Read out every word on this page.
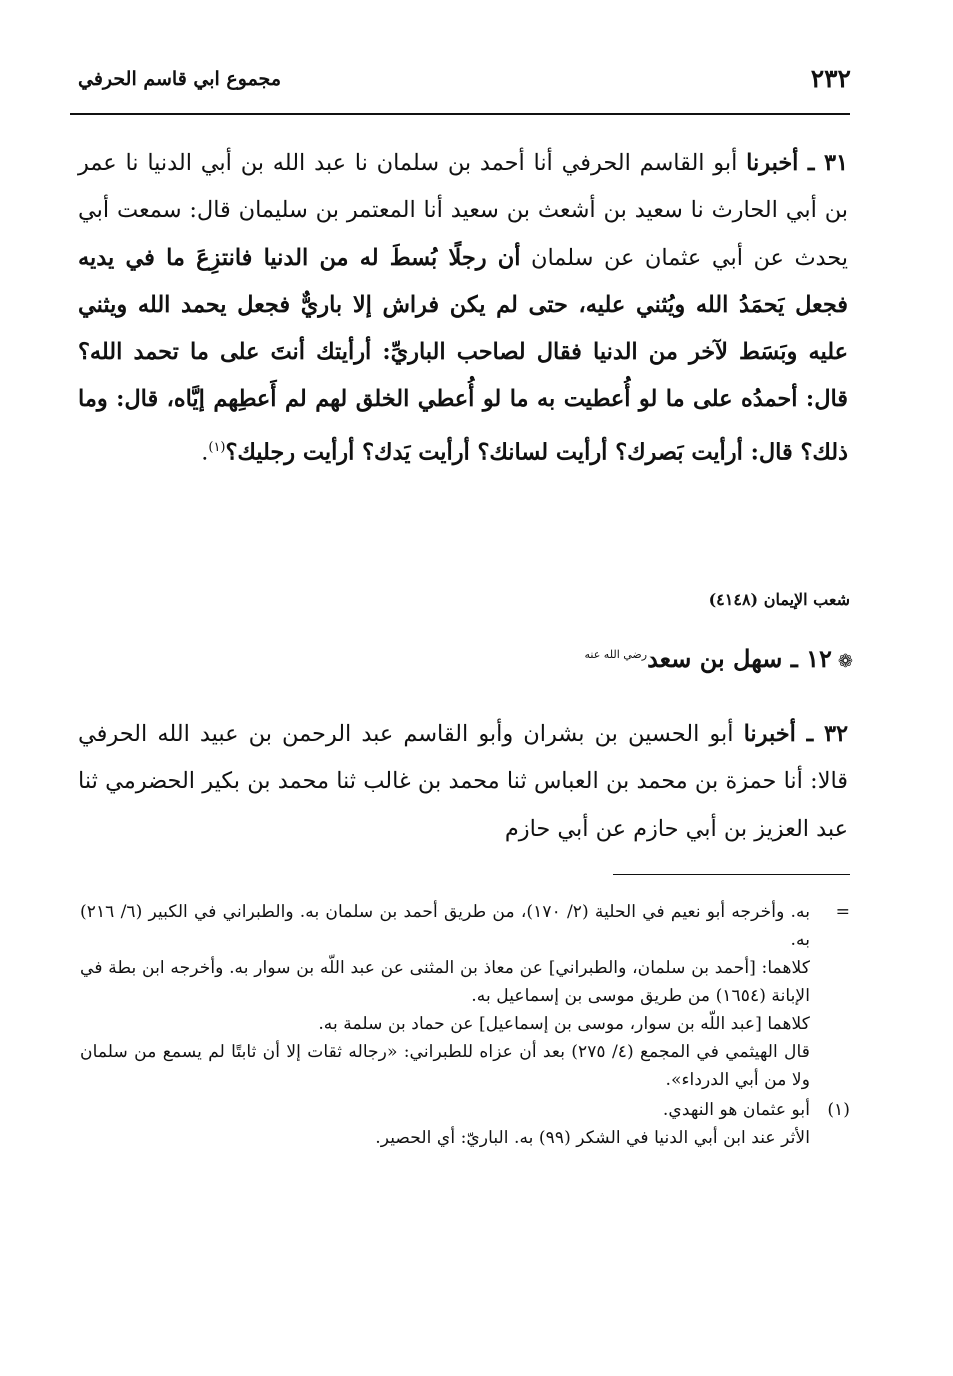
٢٣٢
مجموع ابي قاسم الحرفي
٣١ ـ أخبرنا أبو القاسم الحرفي أنا أحمد بن سلمان نا عبد الله بن أبي الدنيا نا عمر بن أبي الحارث نا سعيد بن أشعث بن سعيد أنا المعتمر بن سليمان قال: سمعت أبي يحدث عن أبي عثمان عن سلمان أن رجلًا بُسطَ له من الدنيا فانتزِعَ ما في يديه فجعل يَحمَدُ الله ويُثني عليه، حتى لم يكن فراش إلا باريٌّ فجعل يحمد الله ويثني عليه وبَسَط لآخر من الدنيا فقال لصاحب الباريِّ: أرأيتك أنتَ على ما تحمد الله؟ قال: أحمدُه على ما لو أُعطيت به ما لو أُعطي الخلق لهم لم أَعطِهم إيَّاه، قال: وما ذلك؟ قال: أرأيت بَصرك؟ أرأيت لسانك؟ أرأيت يَدك؟ أرأيت رجليك؟$^{(١)}$.
شعب الإيمان (٤١٤٨)
❁١٢ ـ سهل بن سعد$^{رضي الله عنه}$
٣٢ ـ أخبرنا أبو الحسين بن بشران وأبو القاسم عبد الرحمن بن عبيد الله الحرفي قالا: أنا حمزة بن محمد بن العباس ثنا محمد بن غالب ثنا محمد بن بكير الحضرمي ثنا عبد العزيز بن أبي حازم عن أبي حازم
=
به. وأخرجه أبو نعيم في الحلية (٢/ ١٧٠)، من طريق أحمد بن سلمان به. والطبراني في الكبير (٦/ ٢١٦) به.
كلاهما: [أحمد بن سلمان، والطبراني] عن معاذ بن المثنى عن عبد اللّه بن سوار به. وأخرجه ابن بطة في الإبانة (١٦٥٤) من طريق موسى بن إسماعيل به.
كلاهما [عبد اللّه بن سوار، موسى بن إسماعيل] عن حماد بن سلمة به.
قال الهيثمي في المجمع (٤/ ٢٧٥) بعد أن عزاه للطبراني: «رجاله ثقات إلا أن ثابتًا لم يسمع من سلمان ولا من أبي الدرداء».
(١)
أبو عثمان هو النهدي.
الأثر عند ابن أبي الدنيا في الشكر (٩٩) به. الباريّ: أي الحصير.
